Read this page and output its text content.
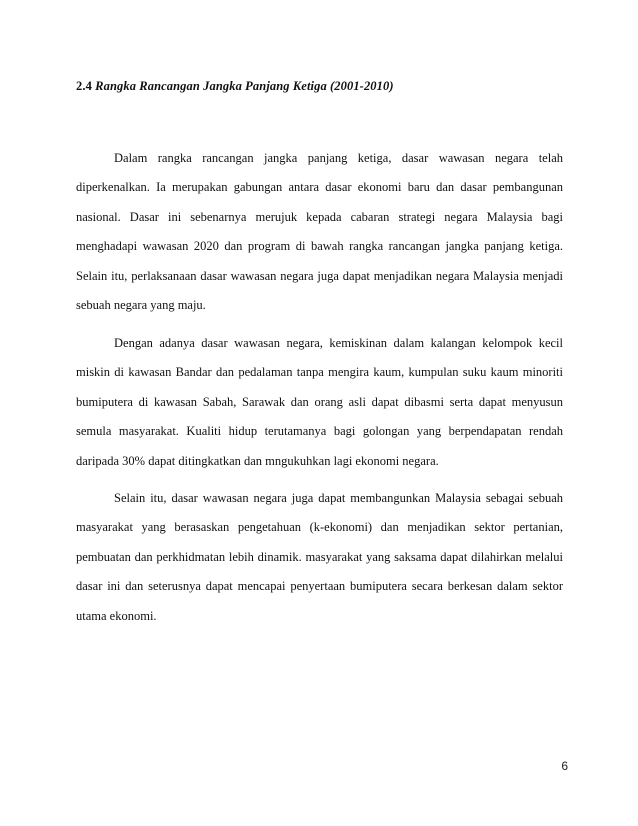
2.4 Rangka Rancangan Jangka Panjang Ketiga (2001-2010)

Dalam rangka rancangan jangka panjang ketiga, dasar wawasan negara telah diperkenalkan. Ia merupakan gabungan antara dasar ekonomi baru dan dasar pembangunan nasional. Dasar ini sebenarnya merujuk kepada cabaran strategi negara Malaysia bagi menghadapi wawasan 2020 dan program di bawah rangka rancangan jangka panjang ketiga. Selain itu, perlaksanaan dasar wawasan negara juga dapat menjadikan negara Malaysia menjadi sebuah negara yang maju.

Dengan adanya dasar wawasan negara, kemiskinan dalam kalangan kelompok kecil miskin di kawasan Bandar dan pedalaman tanpa mengira kaum, kumpulan suku kaum minoriti bumiputera di kawasan Sabah, Sarawak dan orang asli dapat dibasmi serta dapat menyusun semula masyarakat. Kualiti hidup terutamanya bagi golongan yang berpendapatan rendah daripada 30% dapat ditingkatkan dan mngukuhkan lagi ekonomi negara.

Selain itu, dasar wawasan negara juga dapat membangunkan Malaysia sebagai sebuah masyarakat yang berasaskan pengetahuan (k-ekonomi) dan menjadikan sektor pertanian, pembuatan dan perkhidmatan lebih dinamik. masyarakat yang saksama dapat dilahirkan melalui dasar ini dan seterusnya dapat mencapai penyertaan bumiputera secara berkesan dalam sektor utama ekonomi.

6
